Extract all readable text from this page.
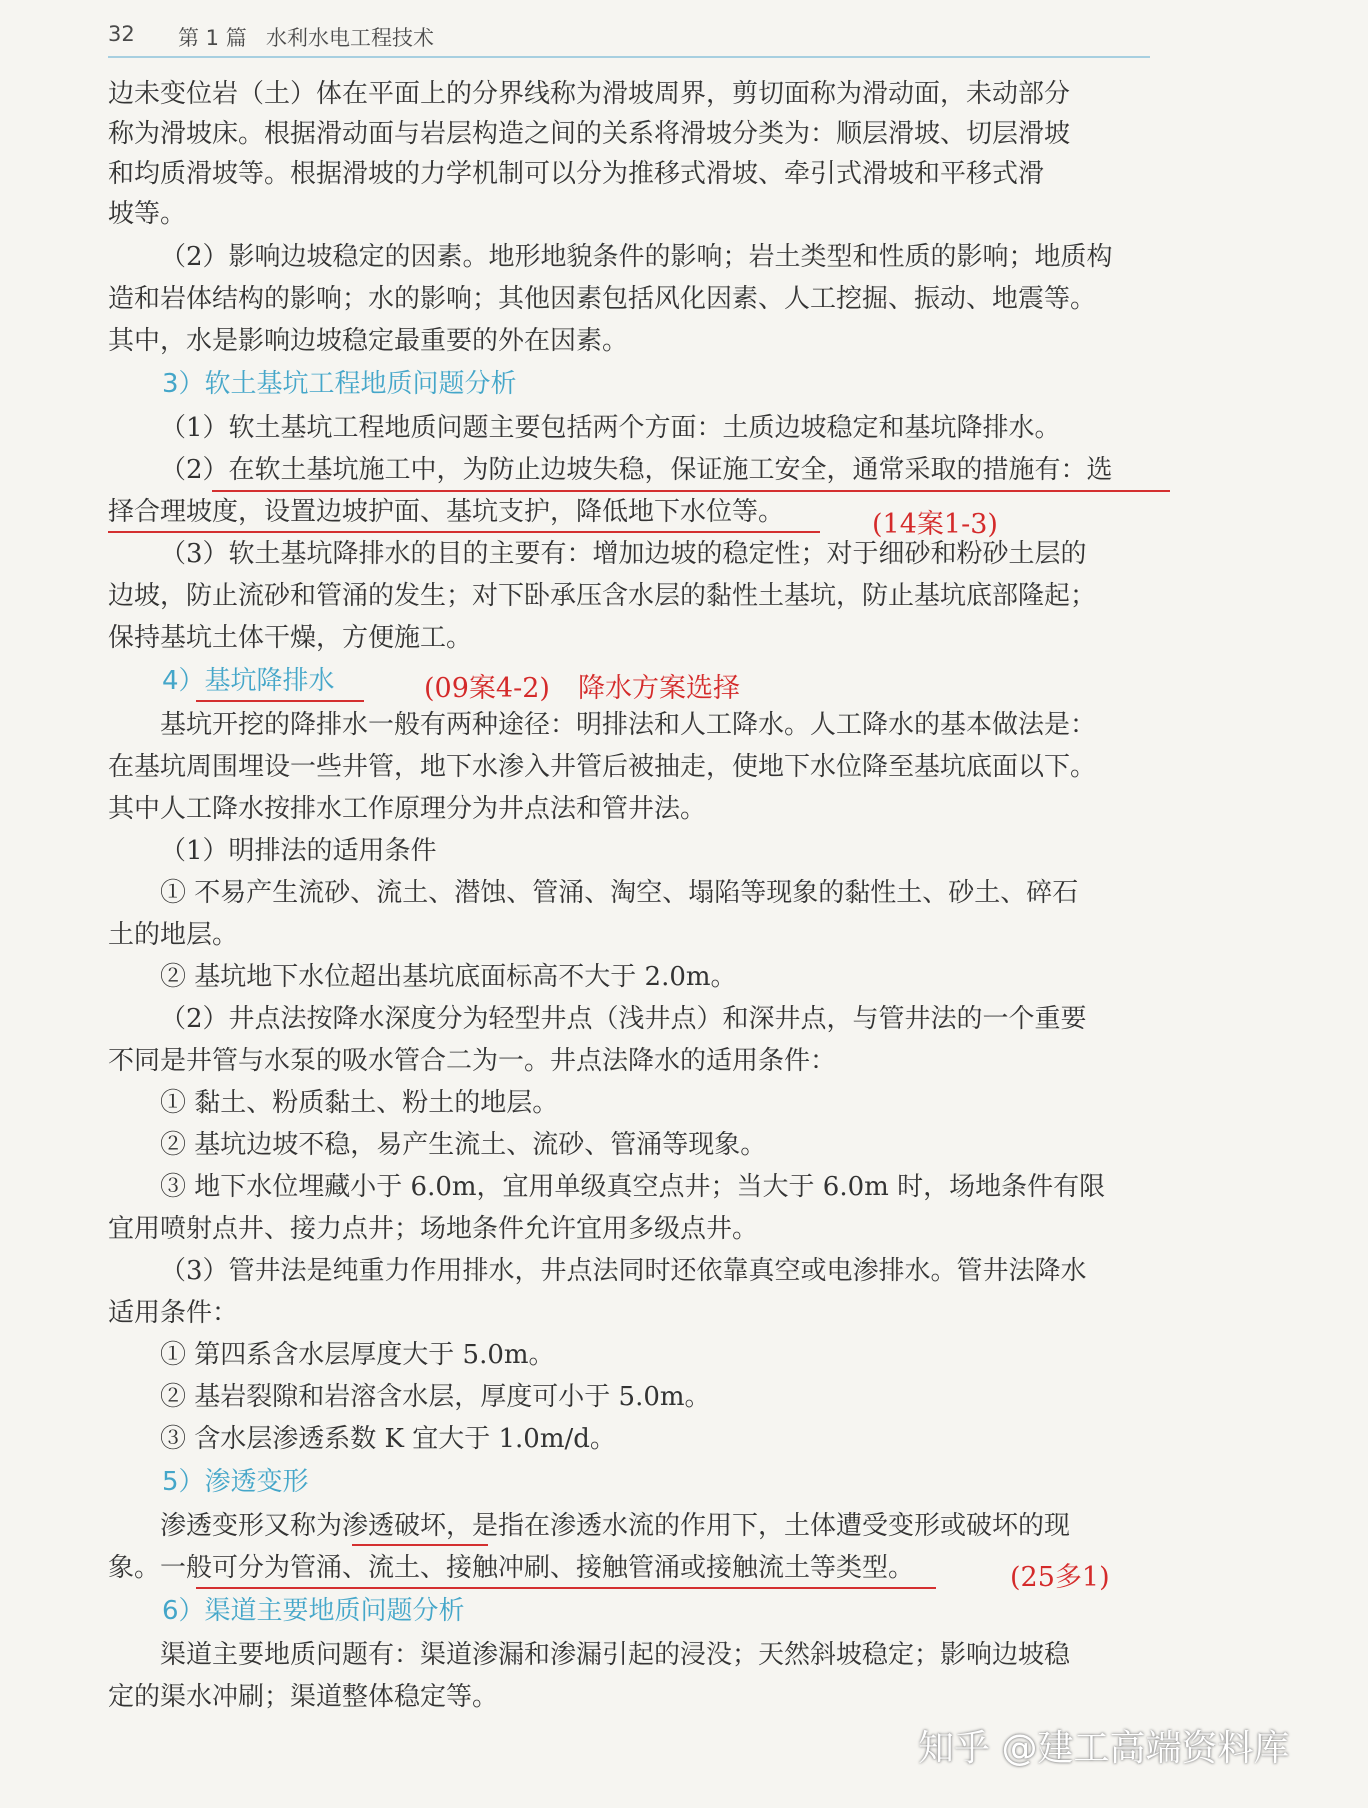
32 第 1 篇 水利水电工程技术
边未变位岩（土）体在平面上的分界线称为滑坡周界，剪切面称为滑动面，未动部分
称为滑坡床。根据滑动面与岩层构造之间的关系将滑坡分类为：顺层滑坡、切层滑坡
和均质滑坡等。根据滑坡的力学机制可以分为推移式滑坡、牵引式滑坡和平移式滑
坡等。
（2）影响边坡稳定的因素。地形地貌条件的影响；岩土类型和性质的影响；地质构
造和岩体结构的影响；水的影响；其他因素包括风化因素、人工挖掘、振动、地震等。
其中，水是影响边坡稳定最重要的外在因素。
3）软土基坑工程地质问题分析
（1）软土基坑工程地质问题主要包括两个方面：土质边坡稳定和基坑降排水。
（2）在软土基坑施工中，为防止边坡失稳，保证施工安全，通常采取的措施有：选
择合理坡度，设置边坡护面、基坑支护，降低地下水位等。
（3）软土基坑降排水的目的主要有：增加边坡的稳定性；对于细砂和粉砂土层的
边坡，防止流砂和管涌的发生；对下卧承压含水层的黏性土基坑，防止基坑底部隆起；
保持基坑土体干燥，方便施工。
4）基坑降排水
基坑开挖的降排水一般有两种途径：明排法和人工降水。人工降水的基本做法是：
在基坑周围埋设一些井管，地下水渗入井管后被抽走，使地下水位降至基坑底面以下。
其中人工降水按排水工作原理分为井点法和管井法。
（1）明排法的适用条件
① 不易产生流砂、流土、潜蚀、管涌、淘空、塌陷等现象的黏性土、砂土、碎石
土的地层。
② 基坑地下水位超出基坑底面标高不大于 2.0m。
（2）井点法按降水深度分为轻型井点（浅井点）和深井点，与管井法的一个重要
不同是井管与水泵的吸水管合二为一。井点法降水的适用条件：
① 黏土、粉质黏土、粉土的地层。
② 基坑边坡不稳，易产生流土、流砂、管涌等现象。
③ 地下水位埋藏小于 6.0m，宜用单级真空点井；当大于 6.0m 时，场地条件有限
宜用喷射点井、接力点井；场地条件允许宜用多级点井。
（3）管井法是纯重力作用排水，井点法同时还依靠真空或电渗排水。管井法降水
适用条件：
① 第四系含水层厚度大于 5.0m。
② 基岩裂隙和岩溶含水层，厚度可小于 5.0m。
③ 含水层渗透系数 K 宜大于 1.0m/d。
5）渗透变形
渗透变形又称为渗透破坏，是指在渗透水流的作用下，土体遭受变形或破坏的现
象。一般可分为管涌、流土、接触冲刷、接触管涌或接触流土等类型。
6）渠道主要地质问题分析
渠道主要地质问题有：渠道渗漏和渗漏引起的浸没；天然斜坡稳定；影响边坡稳
定的渠水冲刷；渠道整体稳定等。
(14案1-3)
(09案4-2) 降水方案选择
(25多1)
知乎 @建工高端资料库
